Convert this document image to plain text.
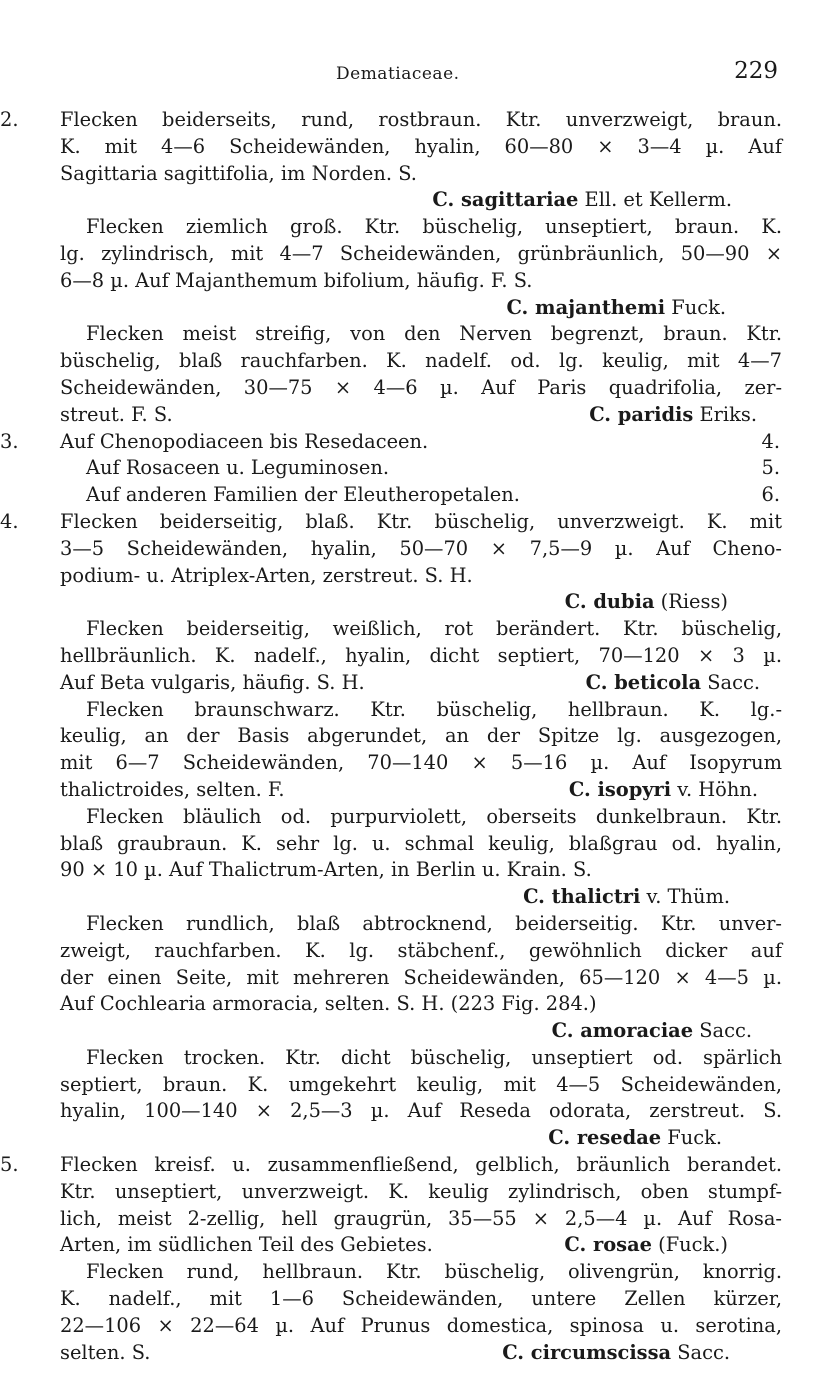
Dematiaceae.	229
2.	Flecken beiderseits, rund, rostbraun. Ktr. unverzweigt, braun.
K. mit 4—6 Scheidewänden, hyalin, 60—80 × 3—4 µ. Auf
Sagittaria sagittifolia, im Norden. S.
C. sagittariae Ell. et Kellerm.
Flecken ziemlich groß. Ktr. büschelig, unseptiert, braun. K.
lg. zylindrisch, mit 4—7 Scheidewänden, grünbräunlich, 50—90 ×
6—8 µ. Auf Majanthemum bifolium, häufig. F. S.
C. majanthemi Fuck.
Flecken meist streifig, von den Nerven begrenzt, braun. Ktr.
büschelig, blaß rauchfarben. K. nadelf. od. lg. keulig, mit 4—7
Scheidewänden, 30—75 × 4—6 µ. Auf Paris quadrifolia, zer-
streut. F. S.	C. paridis Eriks.
3.	Auf Chenopodiaceen bis Resedaceen.	4.
Auf Rosaceen u. Leguminosen.	5.
Auf anderen Familien der Eleutheropetalen.	6.
4.	Flecken beiderseitig, blaß. Ktr. büschelig, unverzweigt. K. mit
3—5 Scheidewänden, hyalin, 50—70 × 7,5—9 µ. Auf Cheno-
podium- u. Atriplex-Arten, zerstreut. S. H.
C. dubia (Riess)
Flecken beiderseitig, weißlich, rot berändert. Ktr. büschelig,
hellbräunlich. K. nadelf., hyalin, dicht septiert, 70—120 × 3 µ.
Auf Beta vulgaris, häufig. S. H.	C. beticola Sacc.
Flecken braunschwarz. Ktr. büschelig, hellbraun. K. lg.-
keulig, an der Basis abgerundet, an der Spitze lg. ausgezogen,
mit 6—7 Scheidewänden, 70—140 × 5—16 µ. Auf Isopyrum
thalictroides, selten. F.	C. isopyri v. Höhn.
Flecken bläulich od. purpurviolett, oberseits dunkelbraun. Ktr.
blaß graubraun. K. sehr lg. u. schmal keulig, blaßgrau od. hyalin,
90 × 10 µ. Auf Thalictrum-Arten, in Berlin u. Krain. S.
C. thalictri v. Thüm.
Flecken rundlich, blaß abtrocknend, beiderseitig. Ktr. unver-
zweigt, rauchfarben. K. lg. stäbchenf., gewöhnlich dicker auf
der einen Seite, mit mehreren Scheidewänden, 65—120 × 4—5 µ.
Auf Cochlearia armoracia, selten. S. H. (223 Fig. 284.)
C. amoraciae Sacc.
Flecken trocken. Ktr. dicht büschelig, unseptiert od. spärlich
septiert, braun. K. umgekehrt keulig, mit 4—5 Scheidewänden,
hyalin, 100—140 × 2,5—3 µ. Auf Reseda odorata, zerstreut. S.
C. resedae Fuck.
5.	Flecken kreisf. u. zusammenfließend, gelblich, bräunlich berandet.
Ktr. unseptiert, unverzweigt. K. keulig zylindrisch, oben stumpf-
lich, meist 2-zellig, hell graugrün, 35—55 × 2,5—4 µ. Auf Rosa-
Arten, im südlichen Teil des Gebietes.	C. rosae (Fuck.)
Flecken rund, hellbraun. Ktr. büschelig, olivengrün, knorrig.
K. nadelf., mit 1—6 Scheidewänden, untere Zellen kürzer,
22—106 × 22—64 µ. Auf Prunus domestica, spinosa u. serotina,
selten. S.	C. circumscissa Sacc.
